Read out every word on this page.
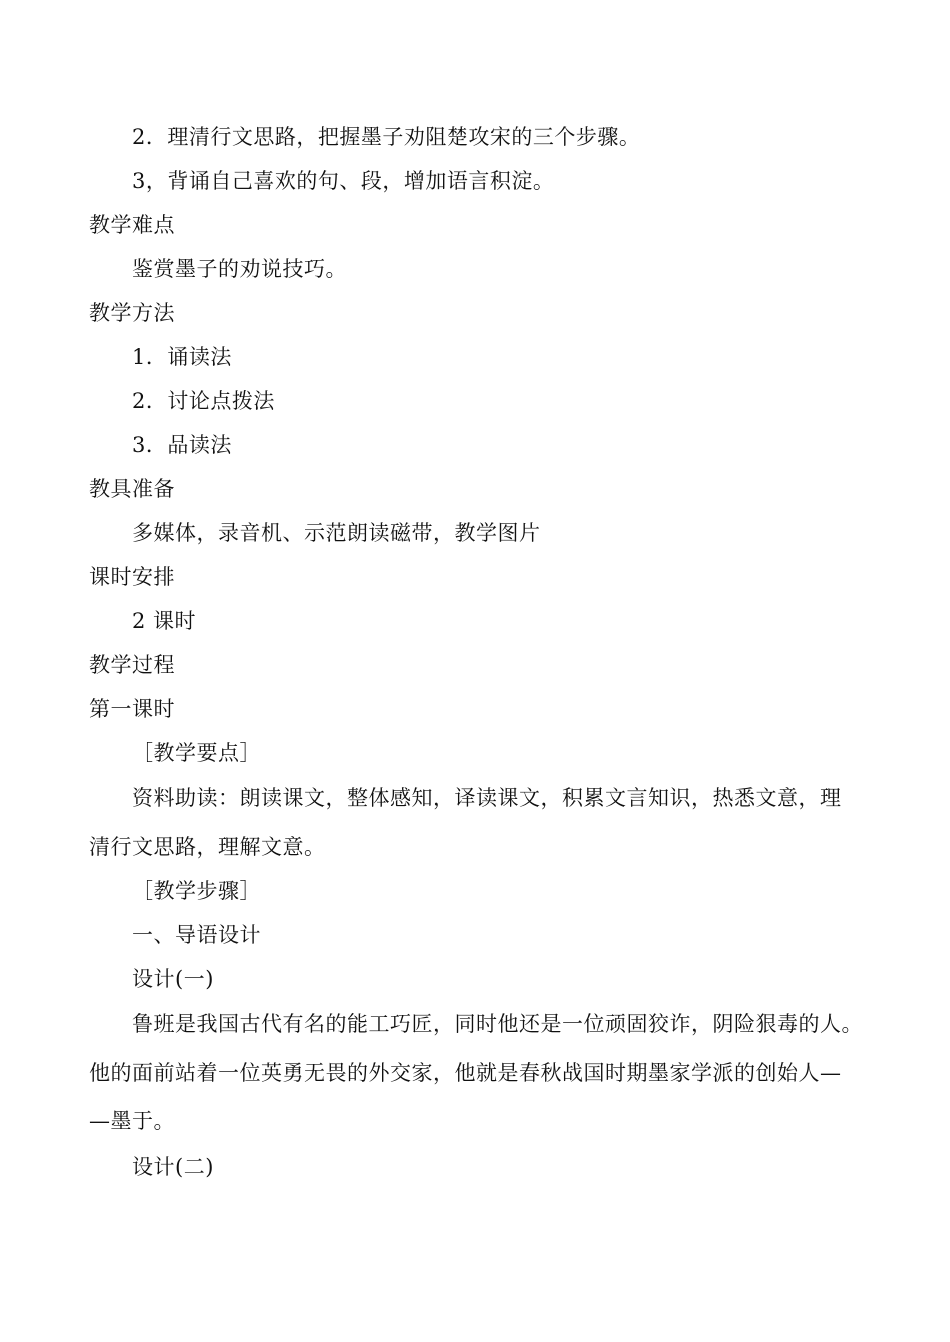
2．理清行文思路，把握墨子劝阻楚攻宋的三个步骤。
3，背诵自己喜欢的句、段，增加语言积淀。
教学难点
鉴赏墨子的劝说技巧。
教学方法
1．诵读法
2．讨论点拨法
3．品读法
教具准备
多媒体，录音机、示范朗读磁带，教学图片
课时安排
2 课时
教学过程
第一课时
［教学要点］
资料助读：朗读课文，整体感知，译读课文，积累文言知识，热悉文意，理
清行文思路，理解文意。
［教学步骤］
一、导语设计
设计(一)
鲁班是我国古代有名的能工巧匠，同时他还是一位顽固狡诈，阴险狠毒的人。
他的面前站着一位英勇无畏的外交家，他就是春秋战国时期墨家学派的创始人—
—墨于。
设计(二)
